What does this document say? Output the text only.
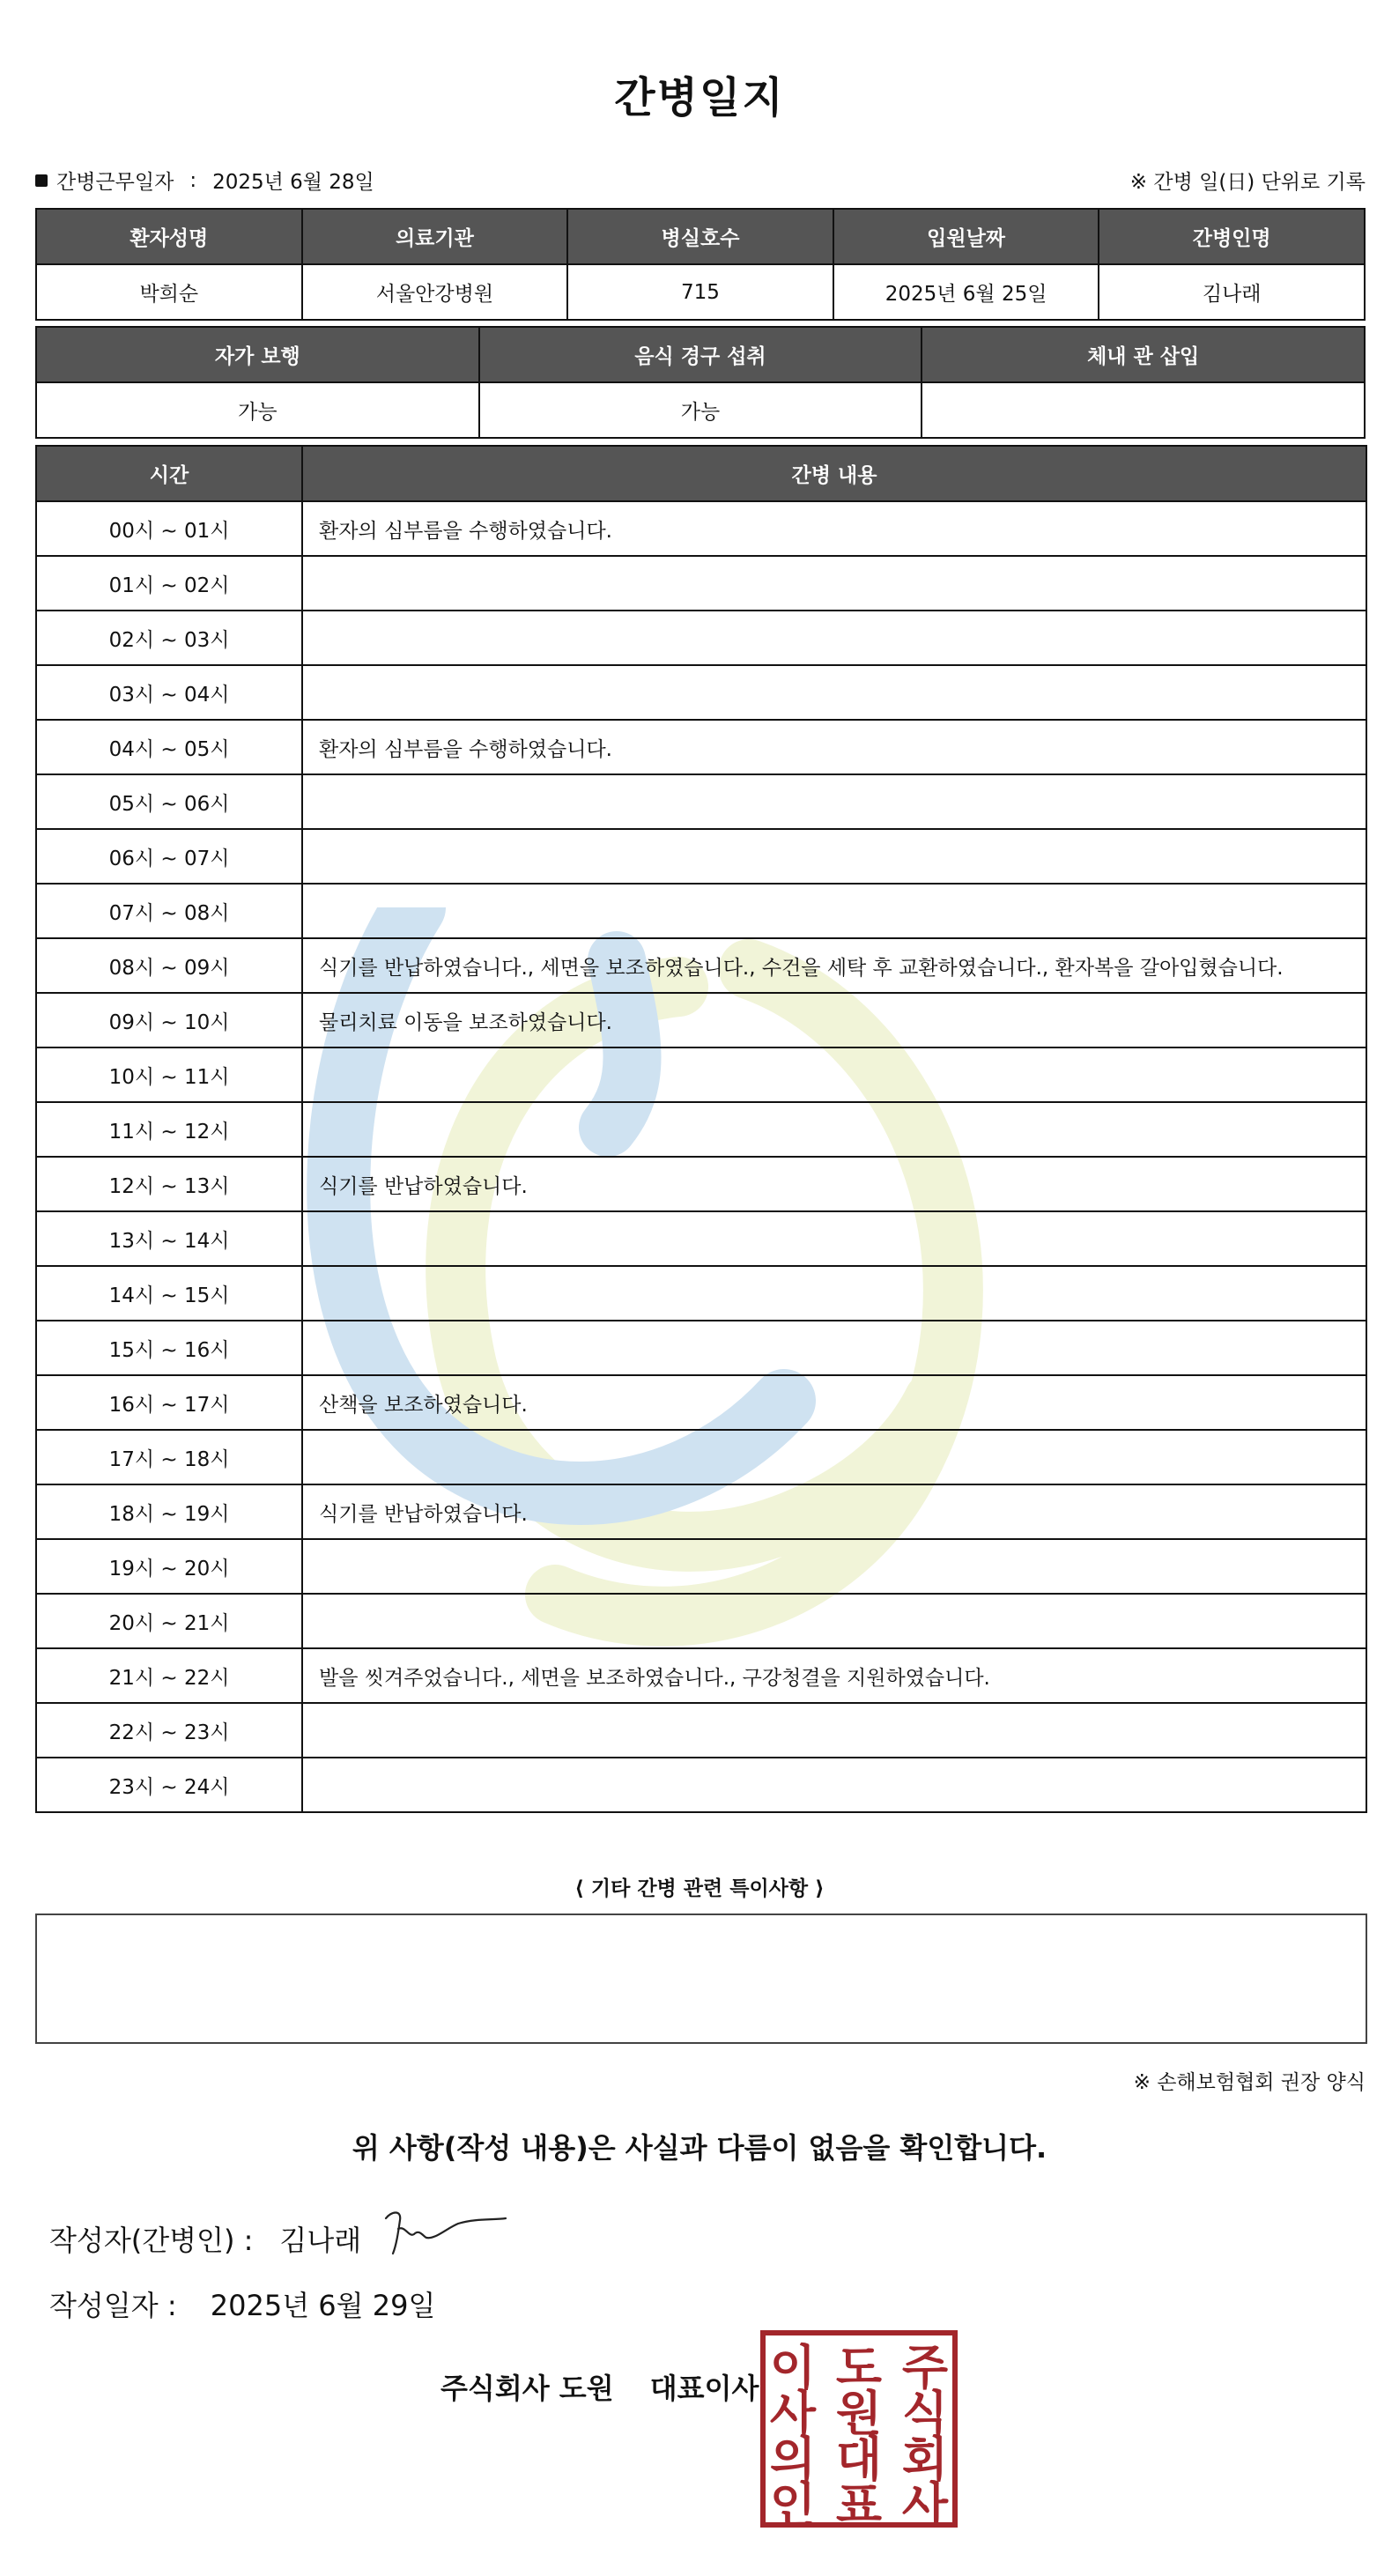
간병일지
간병근무일자 : 2025년 6월 28일	※ 간병 일(日) 단위로 기록
환자성명	의료기관	병실호수	입원날짜	간병인명
박희순	서울안강병원	715	2025년 6월 25일	김나래
자가 보행	음식 경구 섭취	체내 관 삽입
가능	가능	
시간	간병 내용
00시 ~ 01시	환자의 심부름을 수행하였습니다.
01시 ~ 02시	
02시 ~ 03시	
03시 ~ 04시	
04시 ~ 05시	환자의 심부름을 수행하였습니다.
05시 ~ 06시	
06시 ~ 07시	
07시 ~ 08시	
08시 ~ 09시	식기를 반납하였습니다., 세면을 보조하였습니다., 수건을 세탁 후 교환하였습니다., 환자복을 갈아입혔습니다.
09시 ~ 10시	물리치료 이동을 보조하였습니다.
10시 ~ 11시	
11시 ~ 12시	
12시 ~ 13시	식기를 반납하였습니다.
13시 ~ 14시	
14시 ~ 15시	
15시 ~ 16시	
16시 ~ 17시	산책을 보조하였습니다.
17시 ~ 18시	
18시 ~ 19시	식기를 반납하였습니다.
19시 ~ 20시	
20시 ~ 21시	
21시 ~ 22시	발을 씻겨주었습니다., 세면을 보조하였습니다., 구강청결을 지원하였습니다.
22시 ~ 23시	
23시 ~ 24시	
⟨ 기타 간병 관련 특이사항 ⟩
※ 손해보험협회 권장 양식
위 사항(작성 내용)은 사실과 다름이 없음을 확인합니다.
작성자(간병인) : 김나래
작성일자 : 2025년 6월 29일
주식회사 도원 대표이사	주
식
회
사
도
원
대
표
이
사
의
인
